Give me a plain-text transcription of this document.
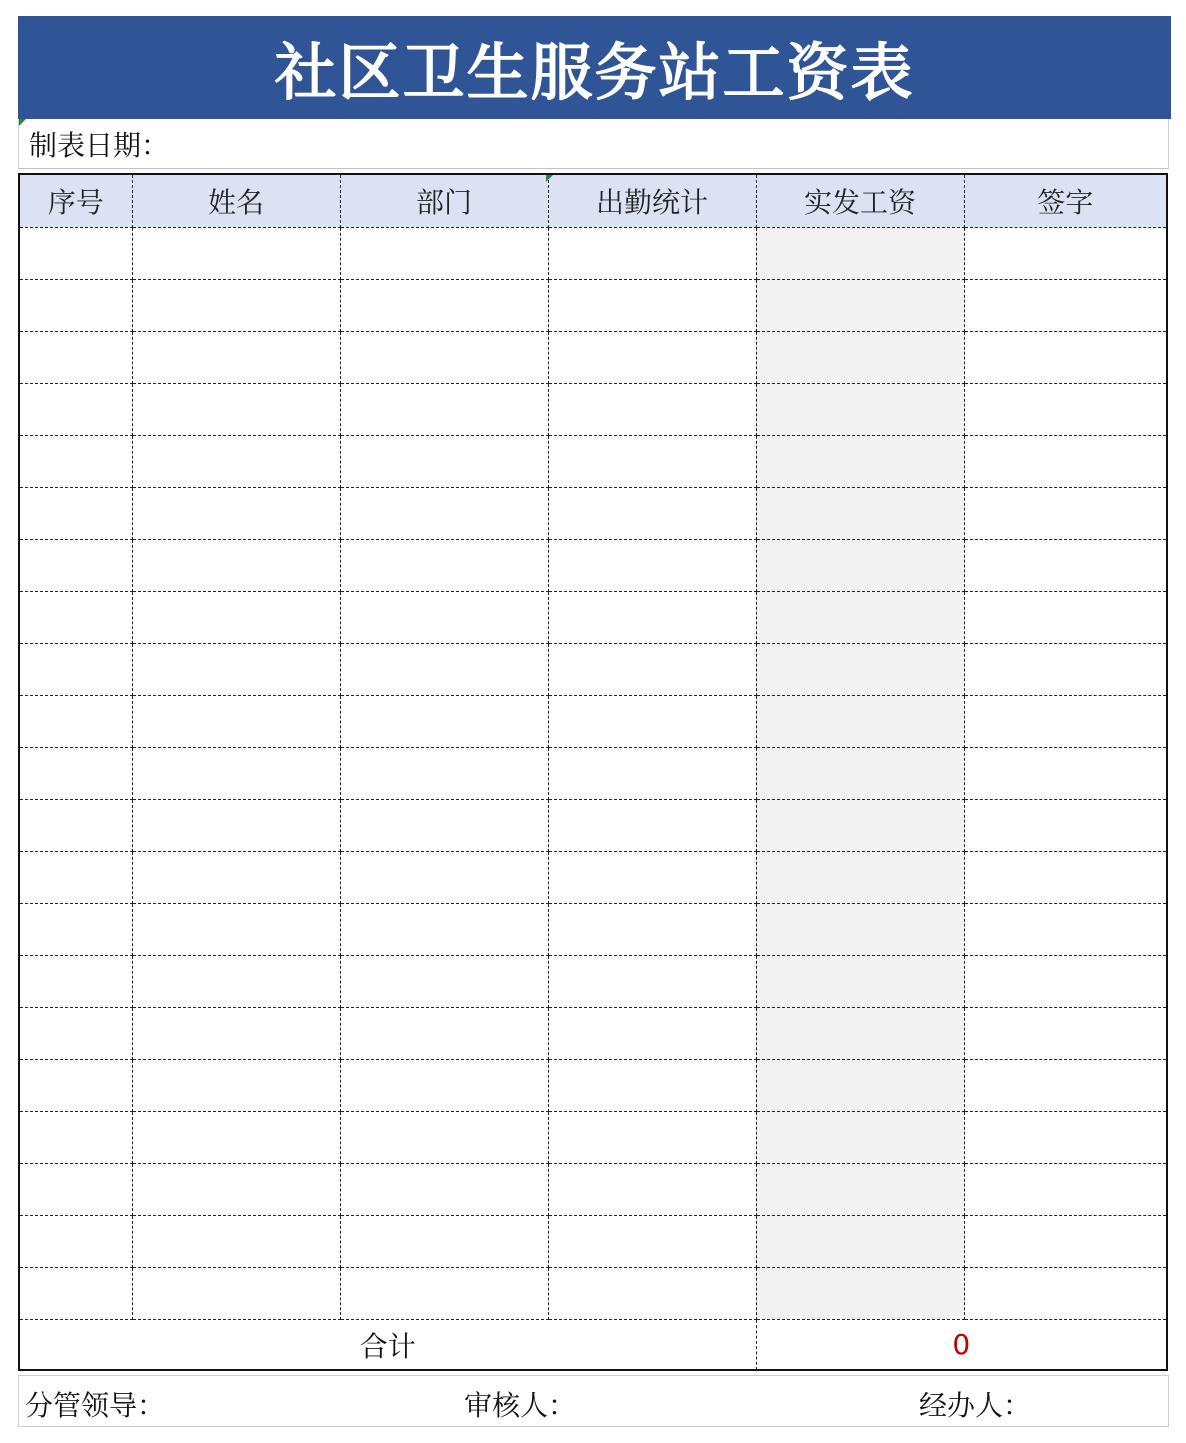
社区卫生服务站工资表
制表日期：
序号	姓名	部门	出勤统计	实发工资	签字

合计				0	
分管领导：	审核人：	经办人：
